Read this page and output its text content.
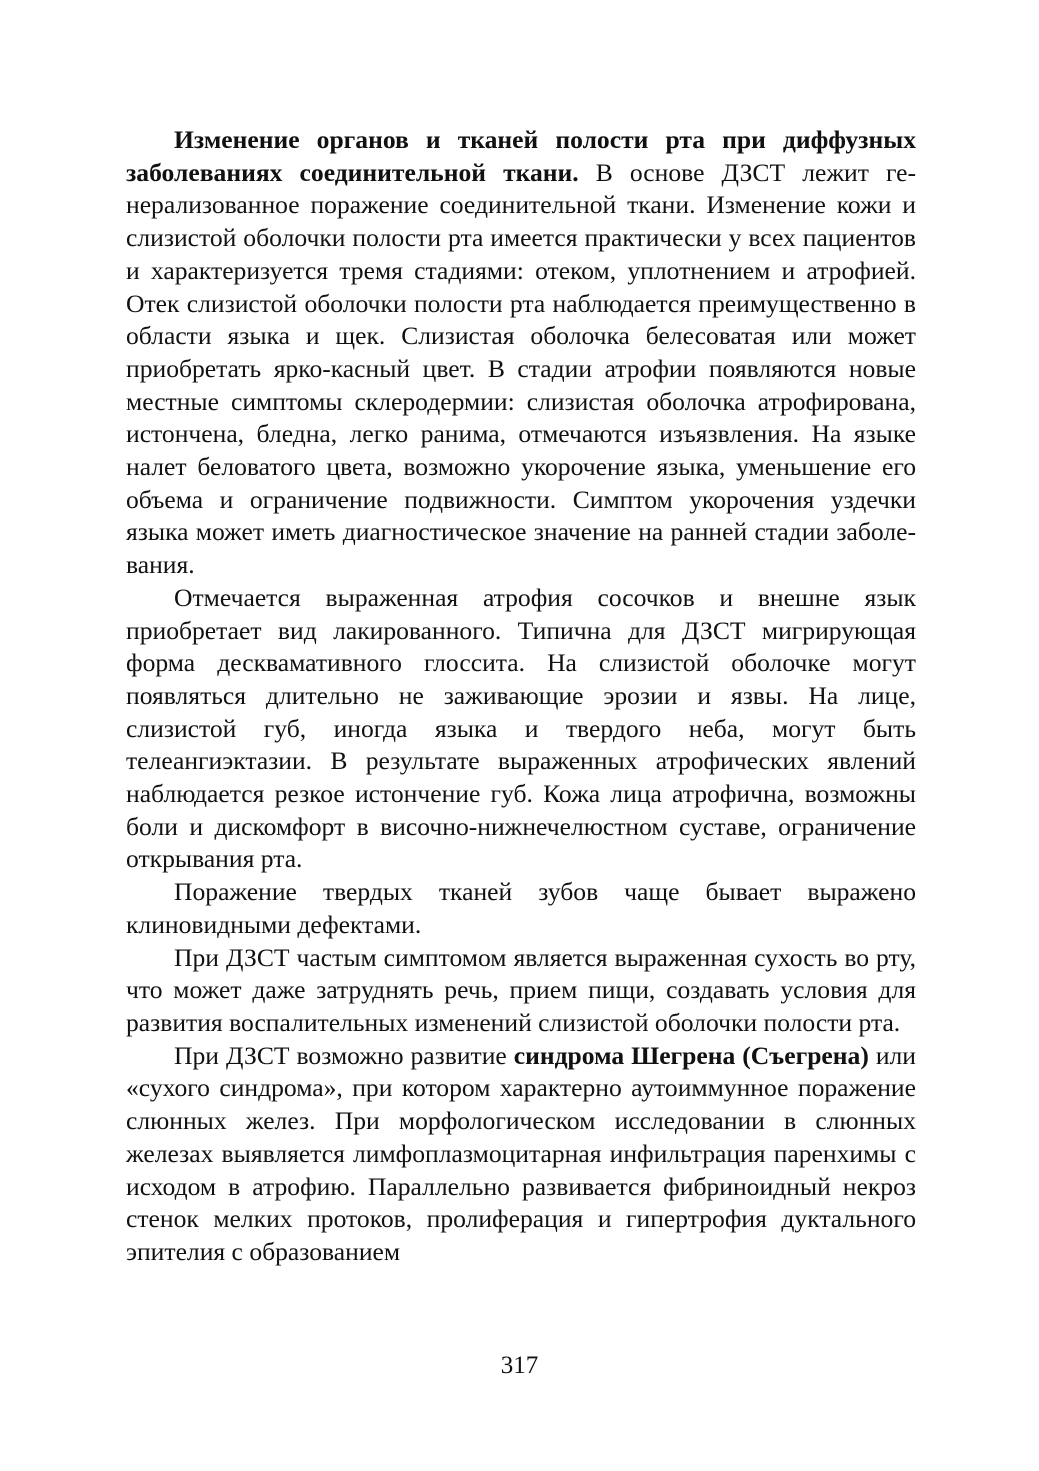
Изменение органов и тканей полости рта при диффузных заболеваниях соединительной ткани. В основе ДЗСТ лежит генерализованное поражение соединительной ткани. Изменение кожи и слизистой оболочки полости рта имеется практически у всех пациентов и характеризуется тремя стадиями: отеком, уплотнением и атрофией. Отек слизистой оболочки полости рта наблюдается преимущественно в области языка и щек. Слизистая оболочка белесоватая или может приобретать ярко-касный цвет. В стадии атрофии появляются новые местные симптомы склеродермии: слизистая оболочка атрофирована, истончена, бледна, легко ранима, отмечаются изъязвления. На языке налет беловатого цвета, возможно укорочение языка, уменьшение его объема и ограничение подвижности. Симптом укорочения уздечки языка может иметь диагностическое значение на ранней стадии заболевания.

Отмечается выраженная атрофия сосочков и внешне язык приобретает вид лакированного. Типична для ДЗСТ мигрирующая форма десквамативного глоссита. На слизистой оболочке могут появляться длительно не заживающие эрозии и язвы. На лице, слизистой губ, иногда языка и твердого неба, могут быть телеангиэктазии. В результате выраженных атрофических явлений наблюдается резкое истончение губ. Кожа лица атрофична, возможны боли и дискомфорт в височно-нижнечелюстном суставе, ограничение открывания рта.

Поражение твердых тканей зубов чаще бывает выражено клиновидными дефектами.

При ДЗСТ частым симптомом является выраженная сухость во рту, что может даже затруднять речь, прием пищи, создавать условия для развития воспалительных изменений слизистой оболочки полости рта.

При ДЗСТ возможно развитие синдрома Шегрена (Съегрена) или «сухого синдрома», при котором характерно аутоиммунное поражение слюнных желез. При морфологическом исследовании в слюнных железах выявляется лимфоплазмоцитарная инфильтрация паренхимы с исходом в атрофию. Параллельно развивается фибриноидный некроз стенок мелких протоков, пролиферация и гипертрофия дуктального эпителия с образованием

317
